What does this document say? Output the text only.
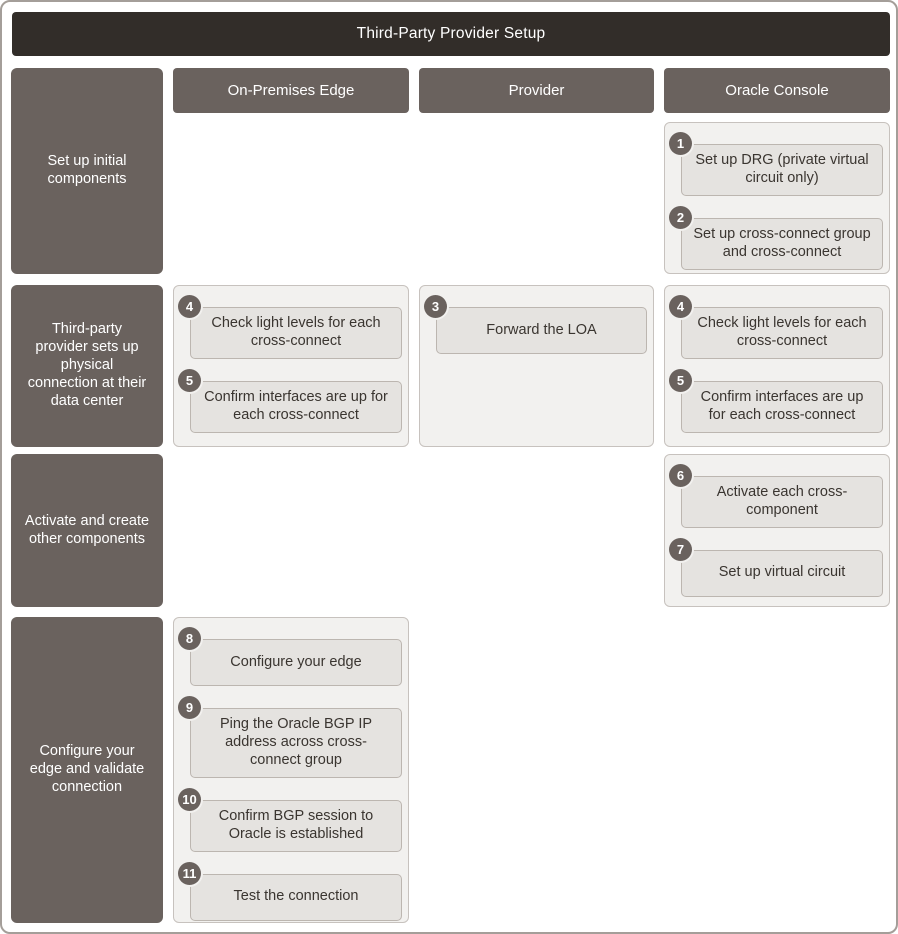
Third-Party Provider Setup
On-Premises Edge	Provider	Oracle Console
Set up initial components
Third-party provider sets up physical connection at their data center
Activate and create other components
Configure your edge and validate connection
1
Set up DRG (private virtual circuit only)
2
Set up cross-connect group and cross-connect
4
Check light levels for each cross-connect
5
Confirm interfaces are up for each cross-connect
3
Forward the LOA
4
Check light levels for each cross-connect
5
Confirm interfaces are up for each cross-connect
6
Activate each cross-component
7
Set up virtual circuit
8
Configure your edge
9
Ping the Oracle BGP IP address across cross-connect group
10
Confirm BGP session to Oracle is established
11
Test the connection
